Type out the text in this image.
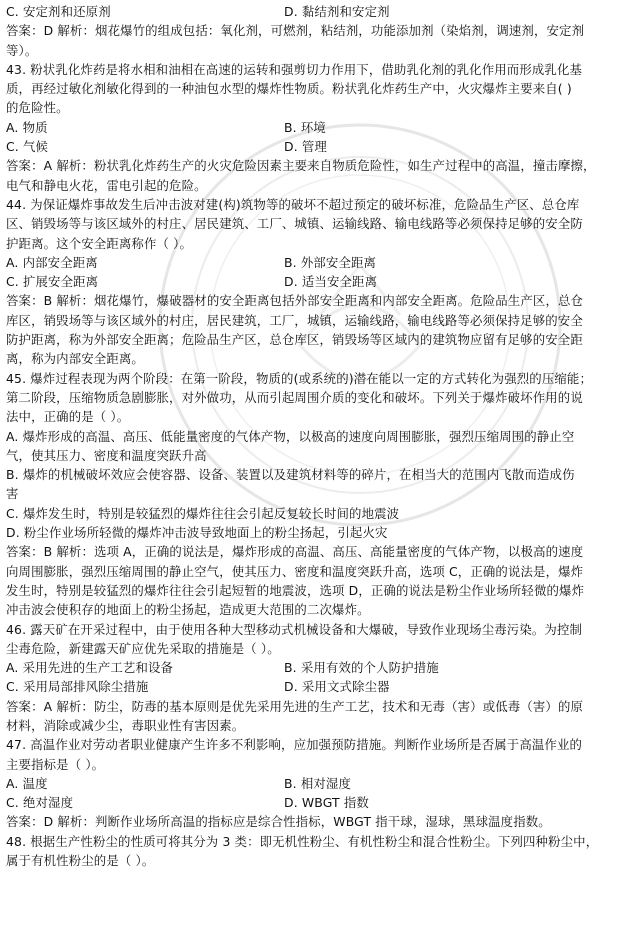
C. 安定剂和还原剂	D. 黏结剂和安定剂
答案：D 解析：烟花爆竹的组成包括：氧化剂，可燃剂，粘结剂，功能添加剂（染焰剂，调速剂，安定剂
等）。
43. 粉状乳化炸药是将水相和油相在高速的运转和强剪切力作用下，借助乳化剂的乳化作用而形成乳化基
质，再经过敏化剂敏化得到的一种油包水型的爆炸性物质。粉状乳化炸药生产中，火灾爆炸主要来自( )
的危险性。
A. 物质	B. 环境
C. 气候	D. 管理
答案：A 解析：粉状乳化炸药生产的火灾危险因素主要来自物质危险性，如生产过程中的高温，撞击摩擦，
电气和静电火花，雷电引起的危险。
44. 为保证爆炸事故发生后冲击波对建(构)筑物等的破坏不超过预定的破坏标准，危险品生产区、总仓库
区、销毁场等与该区域外的村庄、居民建筑、工厂、城镇、运输线路、输电线路等必须保持足够的安全防
护距离。这个安全距离称作（ ）。
A. 内部安全距离	B. 外部安全距离
C. 扩展安全距离	D. 适当安全距离
答案：B 解析：烟花爆竹，爆破器材的安全距离包括外部安全距离和内部安全距离。危险品生产区，总仓
库区，销毁场等与该区域外的村庄，居民建筑，工厂，城镇，运输线路，输电线路等必须保持足够的安全
防护距离，称为外部安全距离；危险品生产区，总仓库区，销毁场等区域内的建筑物应留有足够的安全距
离，称为内部安全距离。
45. 爆炸过程表现为两个阶段：在第一阶段，物质的(或系统的)潜在能以一定的方式转化为强烈的压缩能；
第二阶段，压缩物质急剧膨胀，对外做功，从而引起周围介质的变化和破坏。下列关于爆炸破坏作用的说
法中，正确的是（ ）。
A. 爆炸形成的高温、高压、低能量密度的气体产物，以极高的速度向周围膨胀，强烈压缩周围的静止空
气，使其压力、密度和温度突跃升高
B. 爆炸的机械破坏效应会使容器、设备、装置以及建筑材料等的碎片，在相当大的范围内飞散而造成伤
害
C. 爆炸发生时，特别是较猛烈的爆炸往往会引起反复较长时间的地震波
D. 粉尘作业场所轻微的爆炸冲击波导致地面上的粉尘扬起，引起火灾
答案：B 解析：选项 A，正确的说法是，爆炸形成的高温、高压、高能量密度的气体产物，以极高的速度
向周围膨胀，强烈压缩周围的静止空气，使其压力、密度和温度突跃升高，选项 C，正确的说法是，爆炸
发生时，特别是较猛烈的爆炸往往会引起短暂的地震波，选项 D，正确的说法是粉尘作业场所轻微的爆炸
冲击波会使积存的地面上的粉尘扬起，造成更大范围的二次爆炸。
46. 露天矿在开采过程中，由于使用各种大型移动式机械设备和大爆破，导致作业现场尘毒污染。为控制
尘毒危险，新建露天矿应优先采取的措施是（ ）。
A. 采用先进的生产工艺和设备	B. 采用有效的个人防护措施
C. 采用局部排风除尘措施	D. 采用文式除尘器
答案：A 解析：防尘，防毒的基本原则是优先采用先进的生产工艺，技术和无毒（害）或低毒（害）的原
材料，消除或减少尘，毒职业性有害因素。
47. 高温作业对劳动者职业健康产生许多不利影响，应加强预防措施。判断作业场所是否属于高温作业的
主要指标是（ ）。
A. 温度	B. 相对湿度
C. 绝对湿度	D. WBGT 指数
答案：D 解析：判断作业场所高温的指标应是综合性指标，WBGT 指干球，湿球，黑球温度指数。
48. 根据生产性粉尘的性质可将其分为 3 类：即无机性粉尘、有机性粉尘和混合性粉尘。下列四种粉尘中，
属于有机性粉尘的是（ ）。
